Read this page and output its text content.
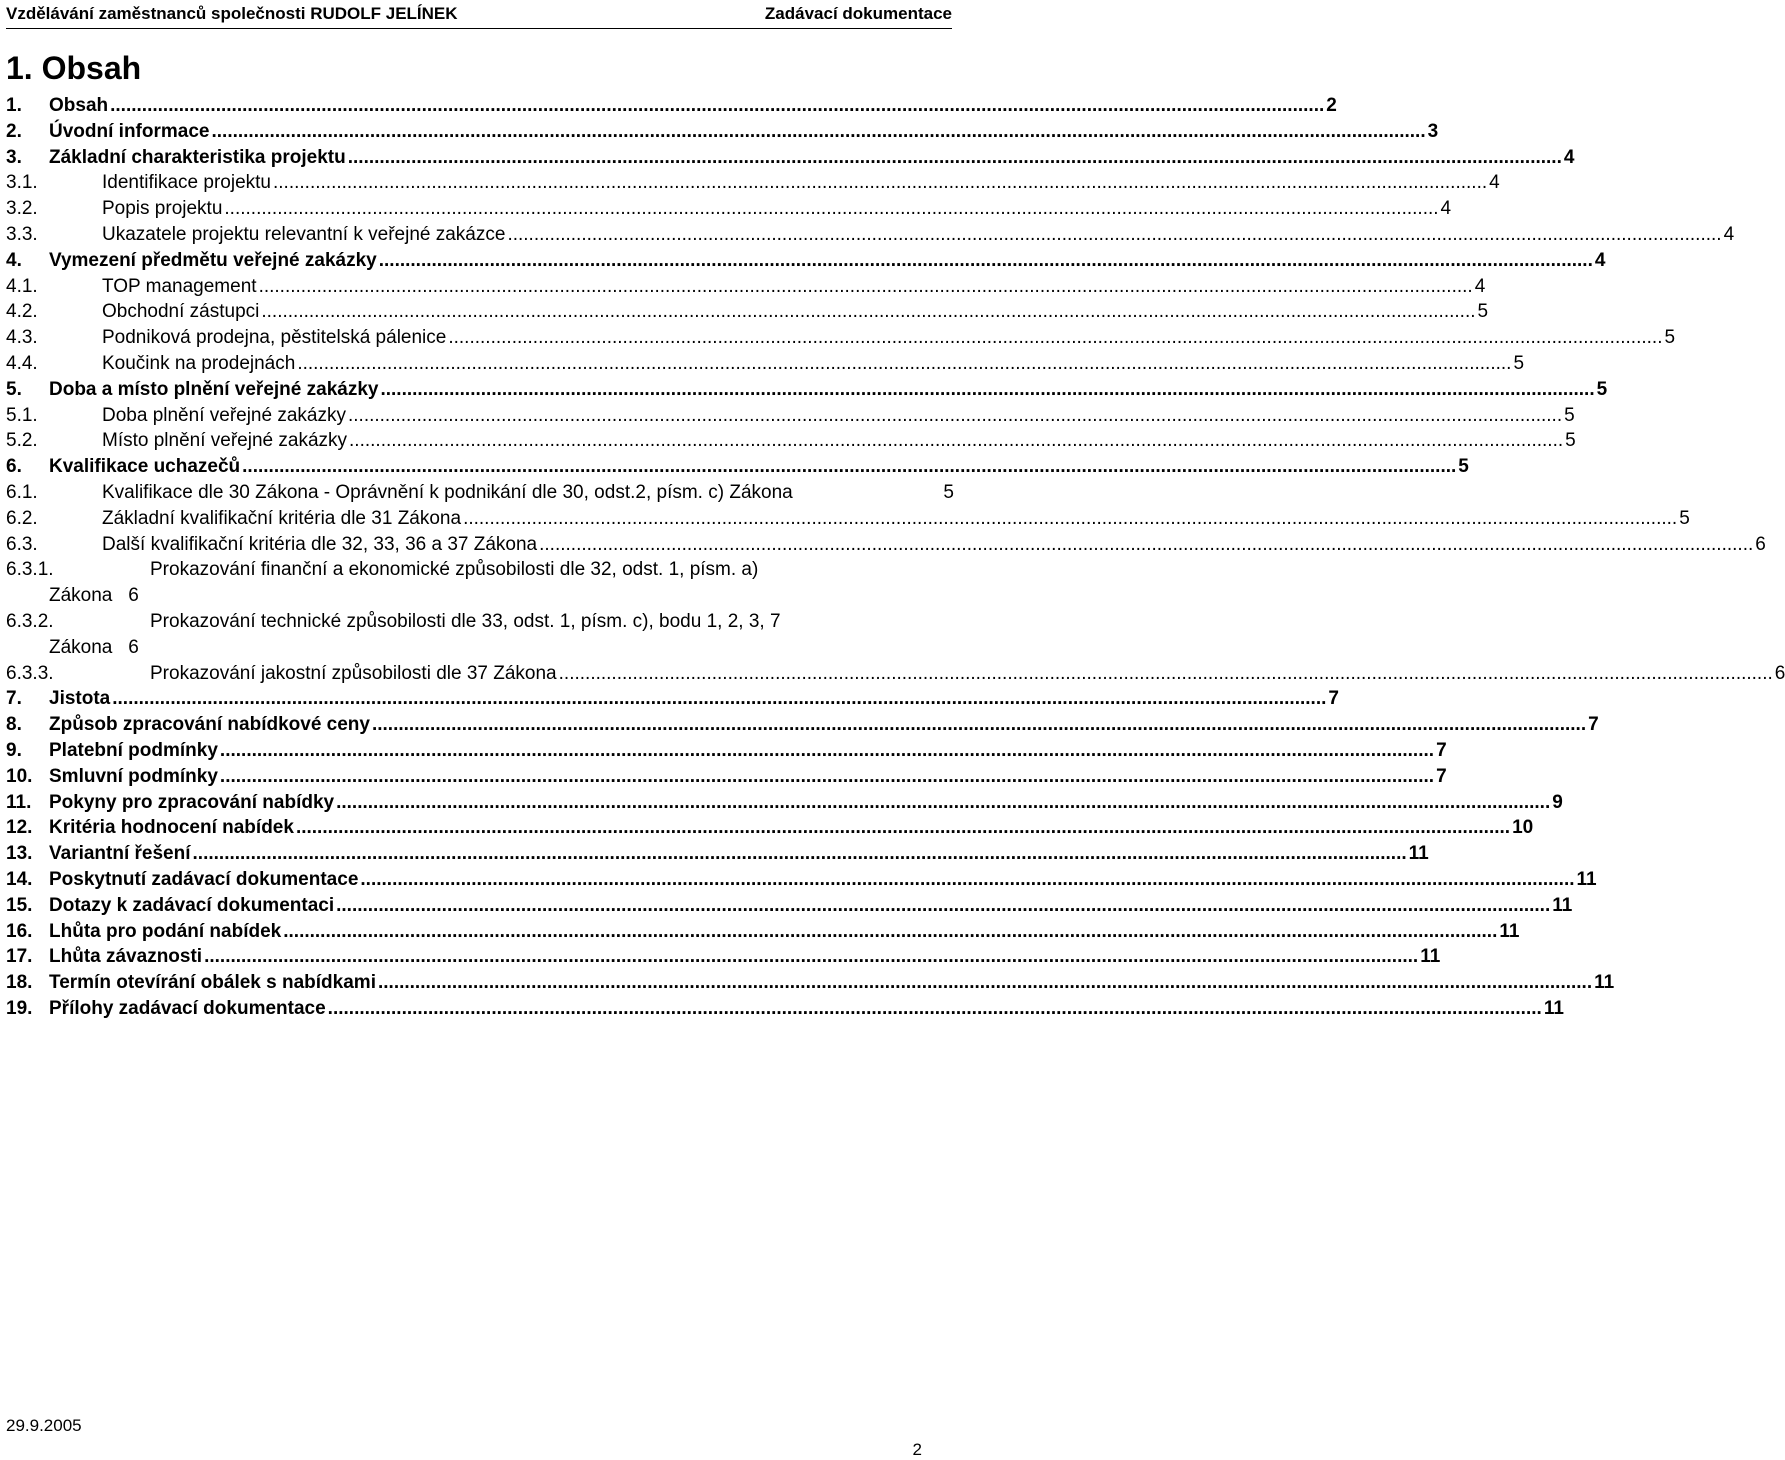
Vzdělávání zaměstnanců společnosti RUDOLF JELÍNEK	Zadávací dokumentace
1. Obsah
1.	Obsah .....	2
2.	Úvodní informace .....	3
3.	Základní charakteristika projektu .....	4
3.1.	Identifikace projektu .....	4
3.2.	Popis projektu .....	4
3.3.	Ukazatele projektu relevantní k veřejné zakázce .....	4
4.	Vymezení předmětu veřejné zakázky .....	4
4.1.	TOP management .....	4
4.2.	Obchodní zástupci .....	5
4.3.	Podniková prodejna, pěstitelská pálenice .....	5
4.4.	Koučink na prodejnách .....	5
5.	Doba a místo plnění veřejné zakázky .....	5
5.1.	Doba plnění veřejné zakázky .....	5
5.2.	Místo plnění veřejné zakázky .....	5
6.	Kvalifikace uchazečů .....	5
6.1.	Kvalifikace dle 30 Zákona - Oprávnění k podnikání dle 30, odst.2, písm. c) Zákona	5
6.2.	Základní kvalifikační kritéria dle 31 Zákona .....	5
6.3.	Další kvalifikační kritéria dle 32, 33, 36 a 37 Zákona .....	6
6.3.1.	Prokazování finanční a ekonomické způsobilosti dle 32, odst. 1, písm. a)
Zákona   6
6.3.2.	Prokazování technické způsobilosti dle 33, odst. 1, písm. c), bodu 1, 2, 3, 7
Zákona   6
6.3.3.	Prokazování jakostní způsobilosti dle 37 Zákona .....	6
7.	Jistota .....	7
8.	Způsob zpracování nabídkové ceny .....	7
9.	Platební podmínky .....	7
10. Smluvní podmínky .....	7
11. Pokyny pro zpracování nabídky .....	9
12. Kritéria hodnocení nabídek .....	10
13. Variantní řešení .....	11
14. Poskytnutí zadávací dokumentace .....	11
15. Dotazy k zadávací dokumentaci .....	11
16. Lhůta pro podání nabídek .....	11
17. Lhůta závaznosti .....	11
18. Termín otevírání obálek s nabídkami .....	11
19. Přílohy zadávací dokumentace .....	11
29.9.2005
2
